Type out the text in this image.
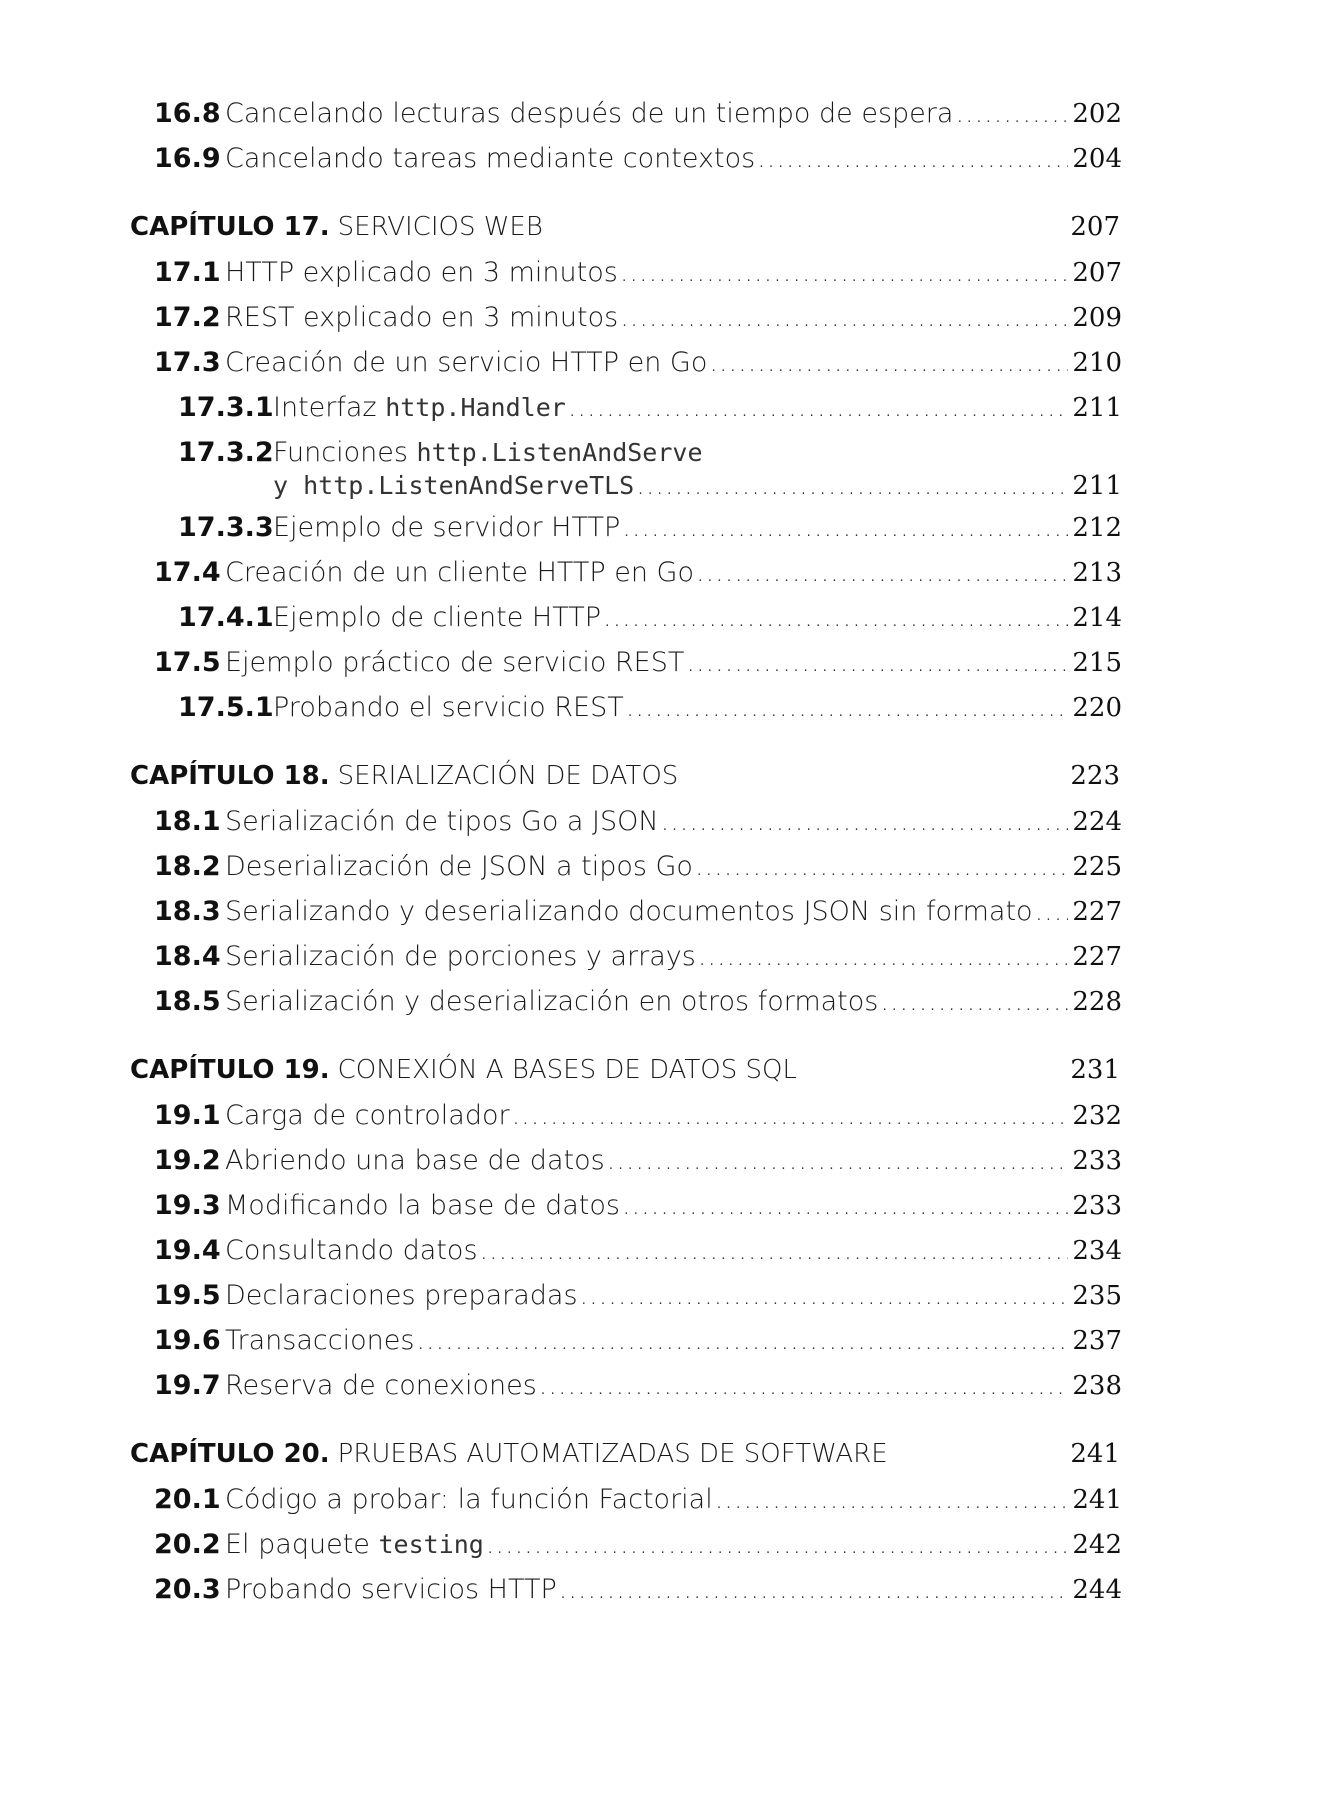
16.8 Cancelando lecturas después de un tiempo de espera .....	202
16.9 Cancelando tareas mediante contextos .....	204
CAPÍTULO 17. SERVICIOS WEB	207
17.1 HTTP explicado en 3 minutos .....	207
17.2 REST explicado en 3 minutos .....	209
17.3 Creación de un servicio HTTP en Go .....	210
17.3.1 Interfaz http.Handler .....	211
17.3.2 Funciones http.ListenAndServe
y http.ListenAndServeTLS .....	211
17.3.3 Ejemplo de servidor HTTP .....	212
17.4 Creación de un cliente HTTP en Go .....	213
17.4.1 Ejemplo de cliente HTTP .....	214
17.5 Ejemplo práctico de servicio REST .....	215
17.5.1 Probando el servicio REST .....	220
CAPÍTULO 18. SERIALIZACIÓN DE DATOS	223
18.1 Serialización de tipos Go a JSON .....	224
18.2 Deserialización de JSON a tipos Go .....	225
18.3 Serializando y deserializando documentos JSON sin formato ..... 227
18.4 Serialización de porciones y arrays .....	227
18.5 Serialización y deserialización en otros formatos .....	228
CAPÍTULO 19. CONEXIÓN A BASES DE DATOS SQL	231
19.1 Carga de controlador .....	232
19.2 Abriendo una base de datos .....	233
19.3 Modificando la base de datos .....	233
19.4 Consultando datos .....	234
19.5 Declaraciones preparadas .....	235
19.6 Transacciones .....	237
19.7 Reserva de conexiones .....	238
CAPÍTULO 20. PRUEBAS AUTOMATIZADAS DE SOFTWARE	241
20.1 Código a probar: la función Factorial .....	241
20.2 El paquete testing .....	242
20.3 Probando servicios HTTP .....	244
